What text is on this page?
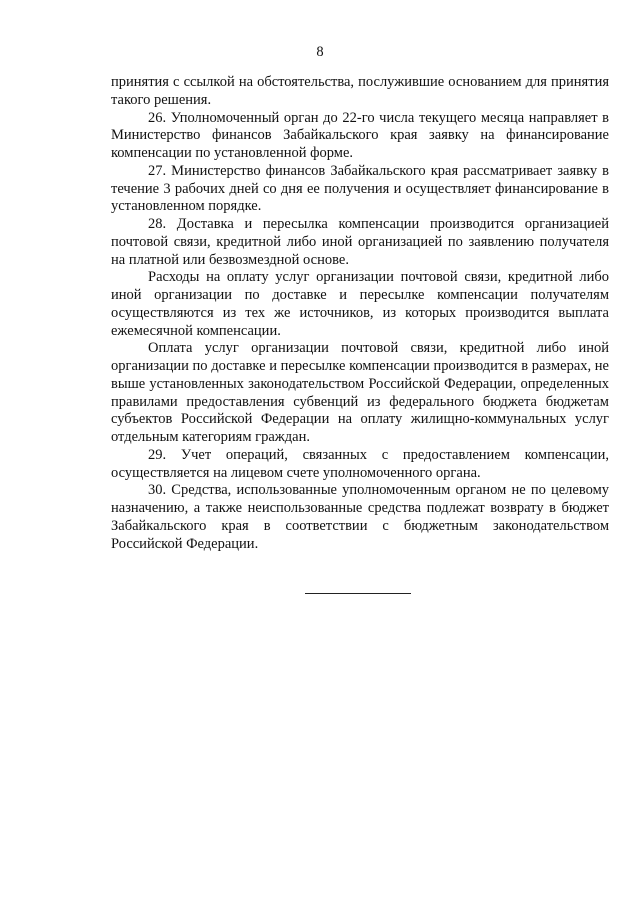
8

принятия с ссылкой на обстоятельства, послужившие основанием для принятия такого решения.

26. Уполномоченный орган до 22-го числа текущего месяца направляет в Министерство финансов Забайкальского края заявку на финансирование компенсации по установленной форме.

27. Министерство финансов Забайкальского края рассматривает заявку в течение 3 рабочих дней со дня ее получения и осуществляет финансирование в установленном порядке.

28. Доставка и пересылка компенсации производится организацией почтовой связи, кредитной либо иной организацией по заявлению получателя на платной или безвозмездной основе.

Расходы на оплату услуг организации почтовой связи, кредитной либо иной организации по доставке и пересылке компенсации получателям осуществляются из тех же источников, из которых производится выплата ежемесячной компенсации.

Оплата услуг организации почтовой связи, кредитной либо иной организации по доставке и пересылке компенсации производится в размерах, не выше установленных законодательством Российской Федерации, определенных правилами предоставления субвенций из федерального бюджета бюджетам субъектов Российской Федерации на оплату жилищно-коммунальных услуг отдельным категориям граждан.

29. Учет операций, связанных с предоставлением компенсации, осуществляется на лицевом счете уполномоченного органа.

30. Средства, использованные уполномоченным органом не по целевому назначению, а также неиспользованные средства подлежат возврату в бюджет Забайкальского края в соответствии с бюджетным законодательством Российской Федерации.
